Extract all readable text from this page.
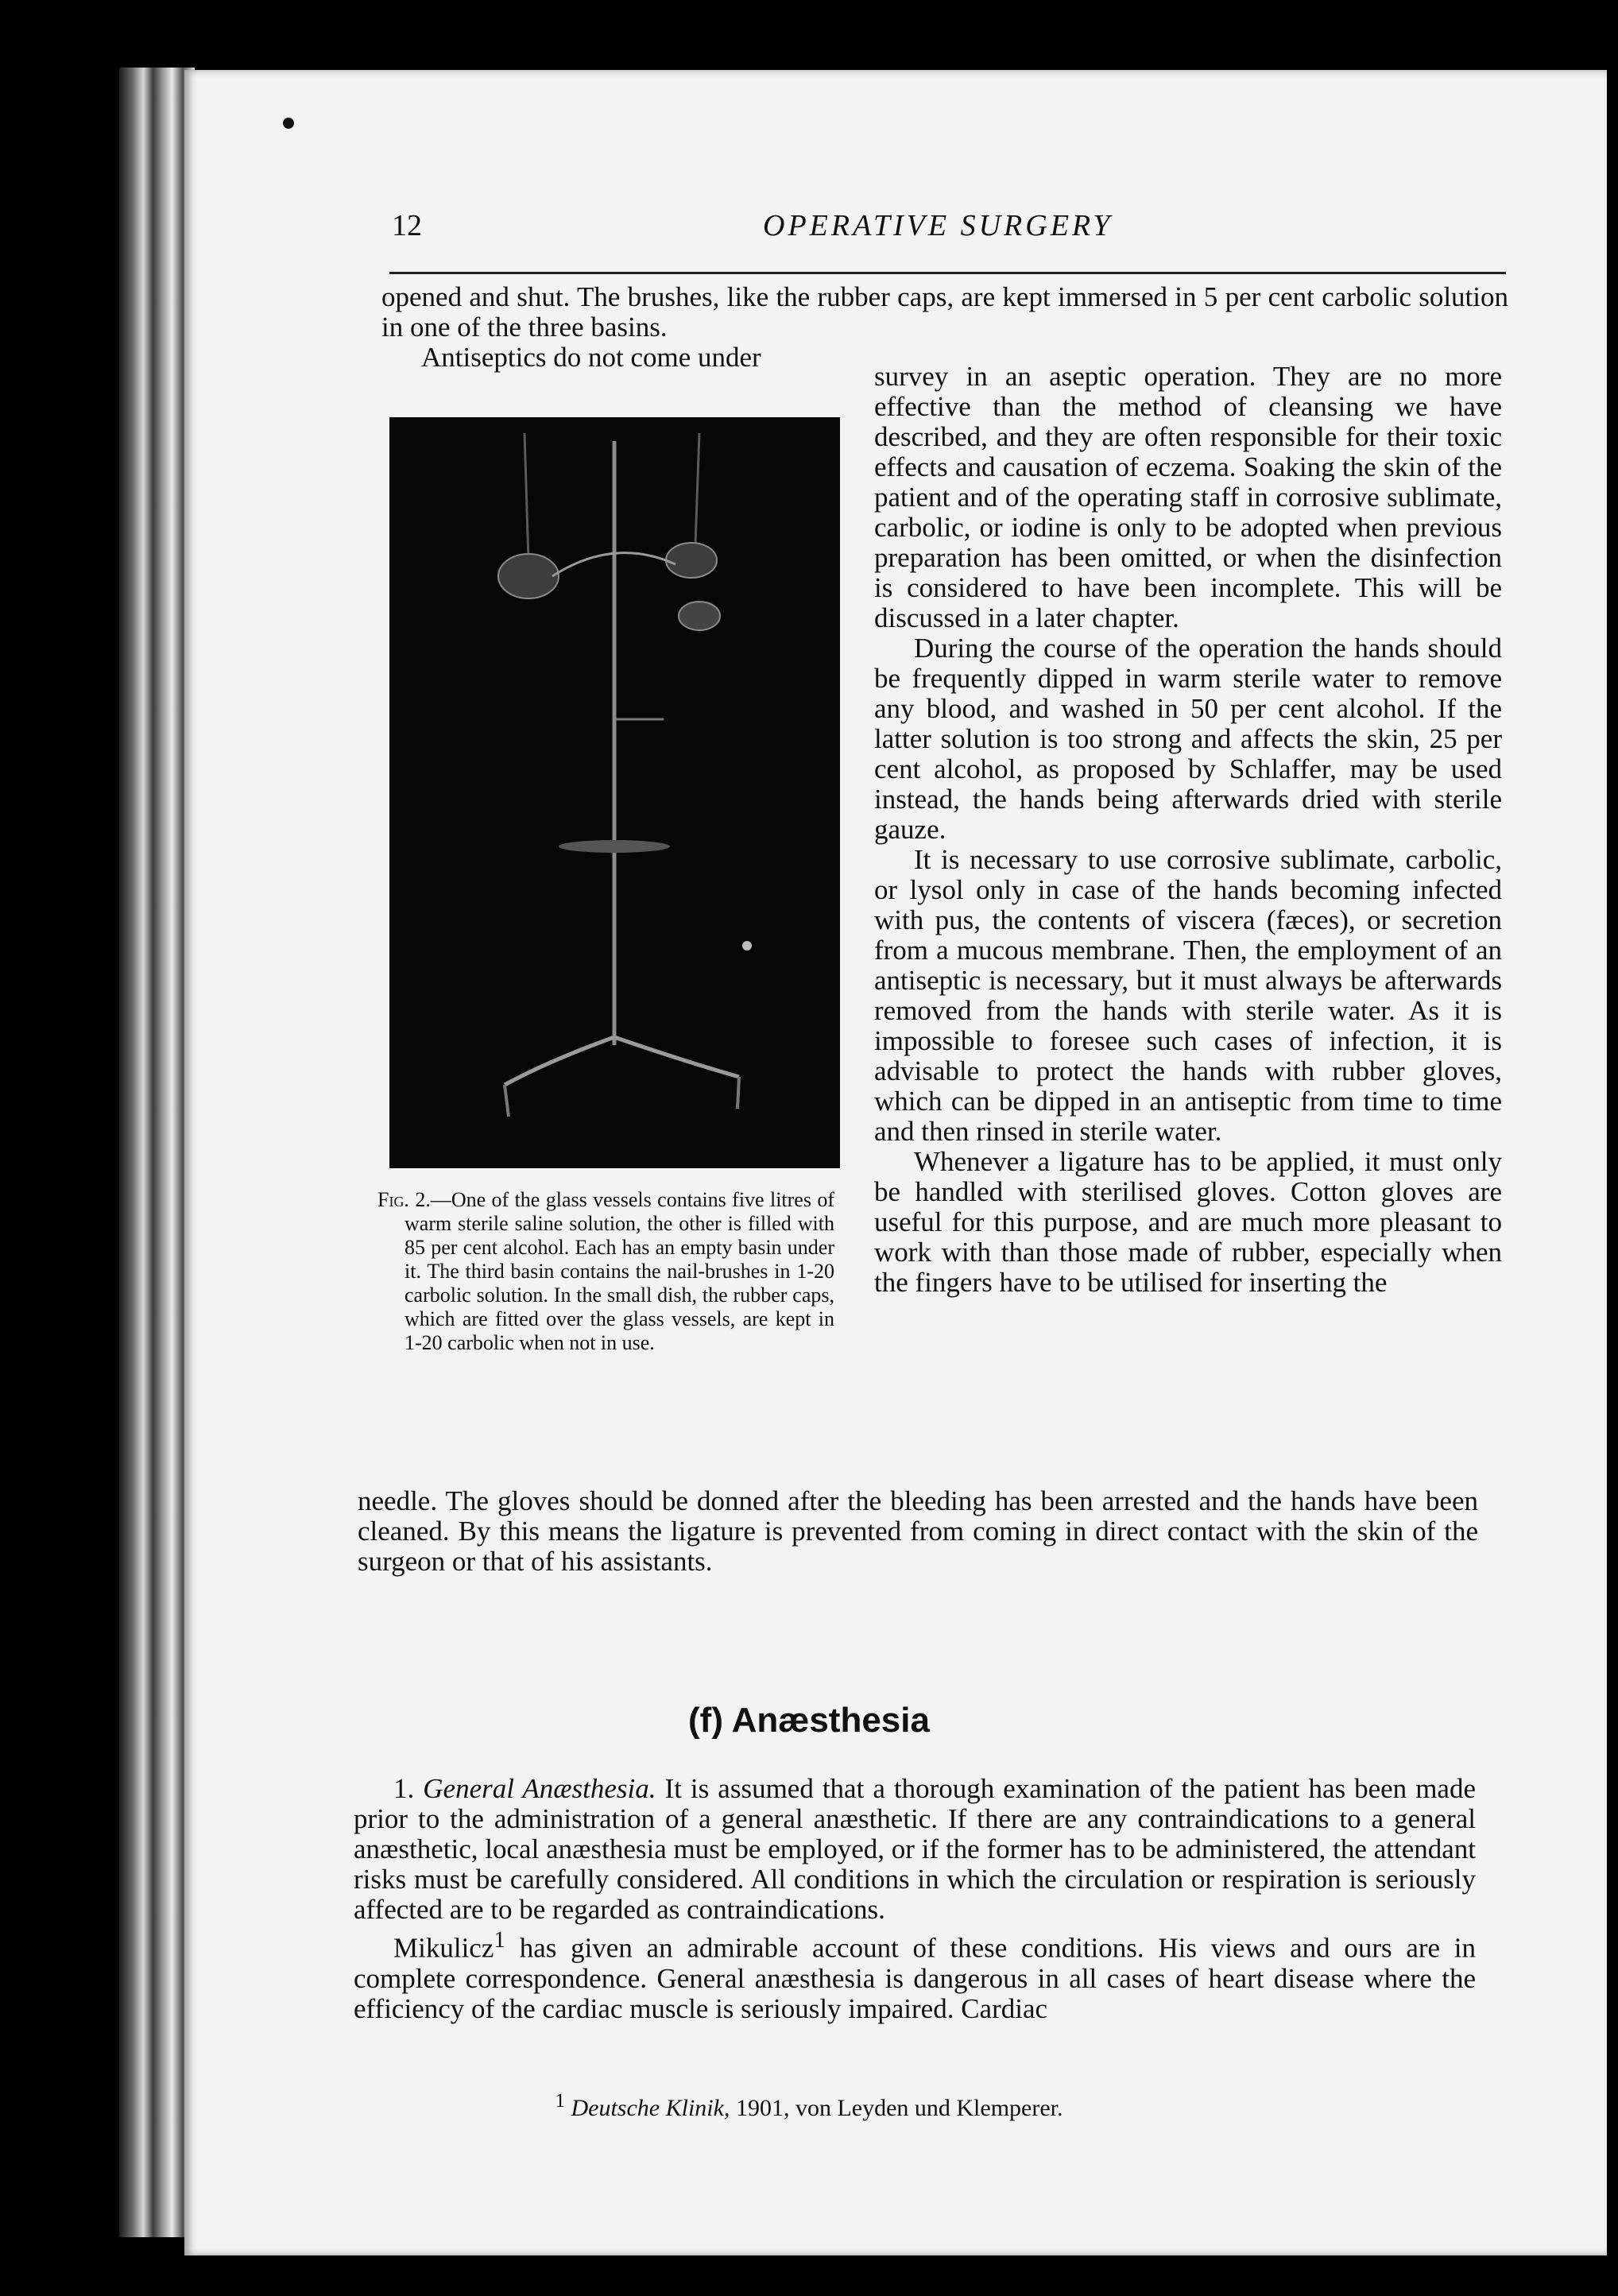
12	OPERATIVE SURGERY

opened and shut. The brushes, like the rubber caps, are kept immersed in 5 per cent carbolic solution in one of the three basins.

Antiseptics do not come under

Fig. 2.—One of the glass vessels contains five litres of warm sterile saline solution, the other is filled with 85 per cent alcohol. Each has an empty basin under it. The third basin contains the nail-brushes in 1-20 carbolic solution. In the small dish, the rubber caps, which are fitted over the glass vessels, are kept in 1-20 carbolic when not in use.

survey in an aseptic operation. They are no more effective than the method of cleansing we have described, and they are often responsible for their toxic effects and causation of eczema. Soaking the skin of the patient and of the operating staff in corrosive sublimate, carbolic, or iodine is only to be adopted when previous preparation has been omitted, or when the disinfection is considered to have been incomplete. This will be discussed in a later chapter.

During the course of the operation the hands should be frequently dipped in warm sterile water to remove any blood, and washed in 50 per cent alcohol. If the latter solution is too strong and affects the skin, 25 per cent alcohol, as proposed by Schlaffer, may be used instead, the hands being afterwards dried with sterile gauze.

It is necessary to use corrosive sublimate, carbolic, or lysol only in case of the hands becoming infected with pus, the contents of viscera (fæces), or secretion from a mucous membrane. Then, the employment of an antiseptic is necessary, but it must always be afterwards removed from the hands with sterile water. As it is impossible to foresee such cases of infection, it is advisable to protect the hands with rubber gloves, which can be dipped in an antiseptic from time to time and then rinsed in sterile water.

Whenever a ligature has to be applied, it must only be handled with sterilised gloves. Cotton gloves are useful for this purpose, and are much more pleasant to work with than those made of rubber, especially when the fingers have to be utilised for inserting the

needle. The gloves should be donned after the bleeding has been arrested and the hands have been cleaned. By this means the ligature is prevented from coming in direct contact with the skin of the surgeon or that of his assistants.

(f) Anæsthesia

1. General Anæsthesia. It is assumed that a thorough examination of the patient has been made prior to the administration of a general anæsthetic. If there are any contraindications to a general anæsthetic, local anæsthesia must be employed, or if the former has to be administered, the attendant risks must be carefully considered. All conditions in which the circulation or respiration is seriously affected are to be regarded as contraindications.

Mikulicz$^1$ has given an admirable account of these conditions. His views and ours are in complete correspondence. General anæsthesia is dangerous in all cases of heart disease where the efficiency of the cardiac muscle is seriously impaired. Cardiac

$^1$ Deutsche Klinik, 1901, von Leyden und Klemperer.
